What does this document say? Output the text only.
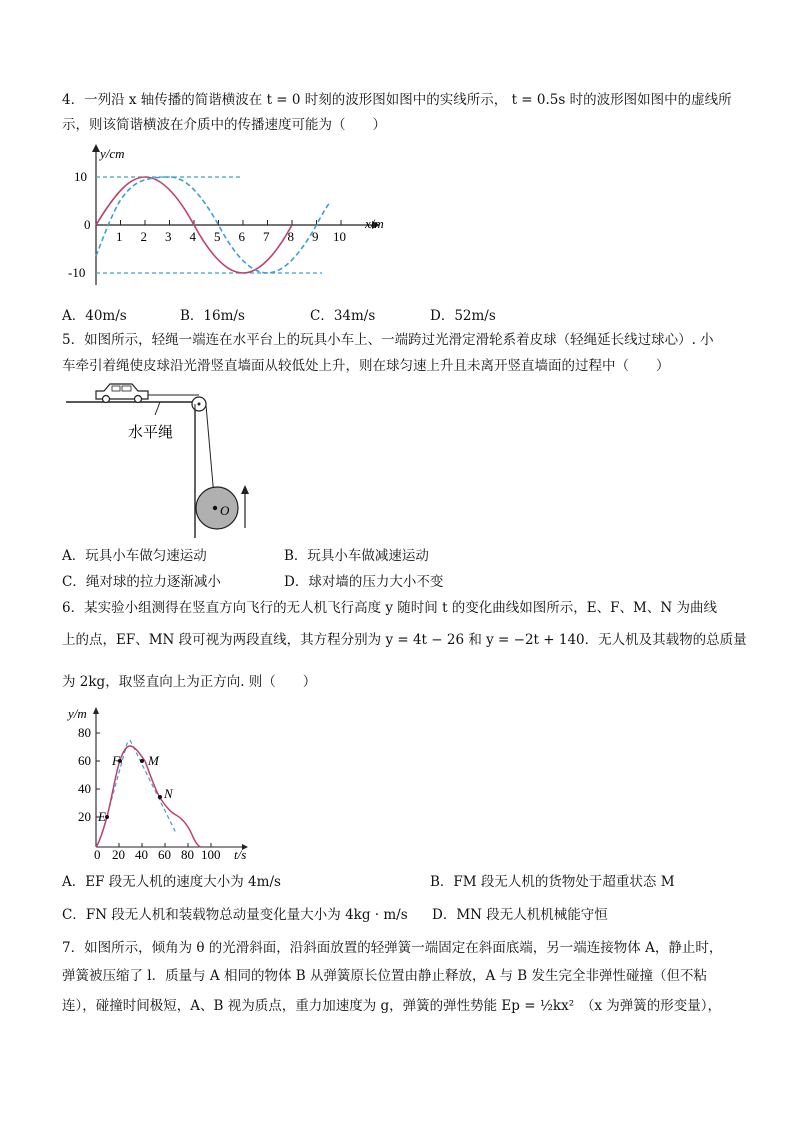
4．一列沿 x 轴传播的简谐横波在 t = 0 时刻的波形图如图中的实线所示， t = 0.5s 时的波形图如图中的虚线所
示，则该简谐横波在介质中的传播速度可能为（　　）
y/cm
x/m
10
0
-10
1 2 3 4 5 6 7 8 9 10
A．40m/s	B．16m/s	C．34m/s	D．52m/s
5．如图所示，轻绳一端连在水平台上的玩具小车上、一端跨过光滑定滑轮系着皮球（轻绳延长线过球心）. 小
车牵引着绳使皮球沿光滑竖直墙面从较低处上升，则在球匀速上升且未离开竖直墙面的过程中（　　）
O
水平绳
A．玩具小车做匀速运动	B．玩具小车做减速运动
C．绳对球的拉力逐渐减小	D．球对墙的压力大小不变
6．某实验小组测得在竖直方向飞行的无人机飞行高度 y 随时间 t 的变化曲线如图所示，E、F、M、N 为曲线
上的点，EF、MN 段可视为两段直线，其方程分别为 y = 4t − 26 和 y = −2t + 140．无人机及其载物的总质量
为 2kg，取竖直向上为正方向. 则（　　）
E
F M
N
y/m
t/s
80
60
40
20
0 20 40 60 80 100
A．EF 段无人机的速度大小为 4m/s	B．FM 段无人机的货物处于超重状态 M
C．FN 段无人机和装载物总动量变化量大小为 4kg · m/s D．MN 段无人机机械能守恒
7．如图所示，倾角为 θ 的光滑斜面，沿斜面放置的轻弹簧一端固定在斜面底端，另一端连接物体 A，静止时，
弹簧被压缩了 l．质量与 A 相同的物体 B 从弹簧原长位置由静止释放，A 与 B 发生完全非弹性碰撞（但不粘
连），碰撞时间极短，A、B 视为质点，重力加速度为 g，弹簧的弹性势能 Ep = ½kx²　（x 为弹簧的形变量），
